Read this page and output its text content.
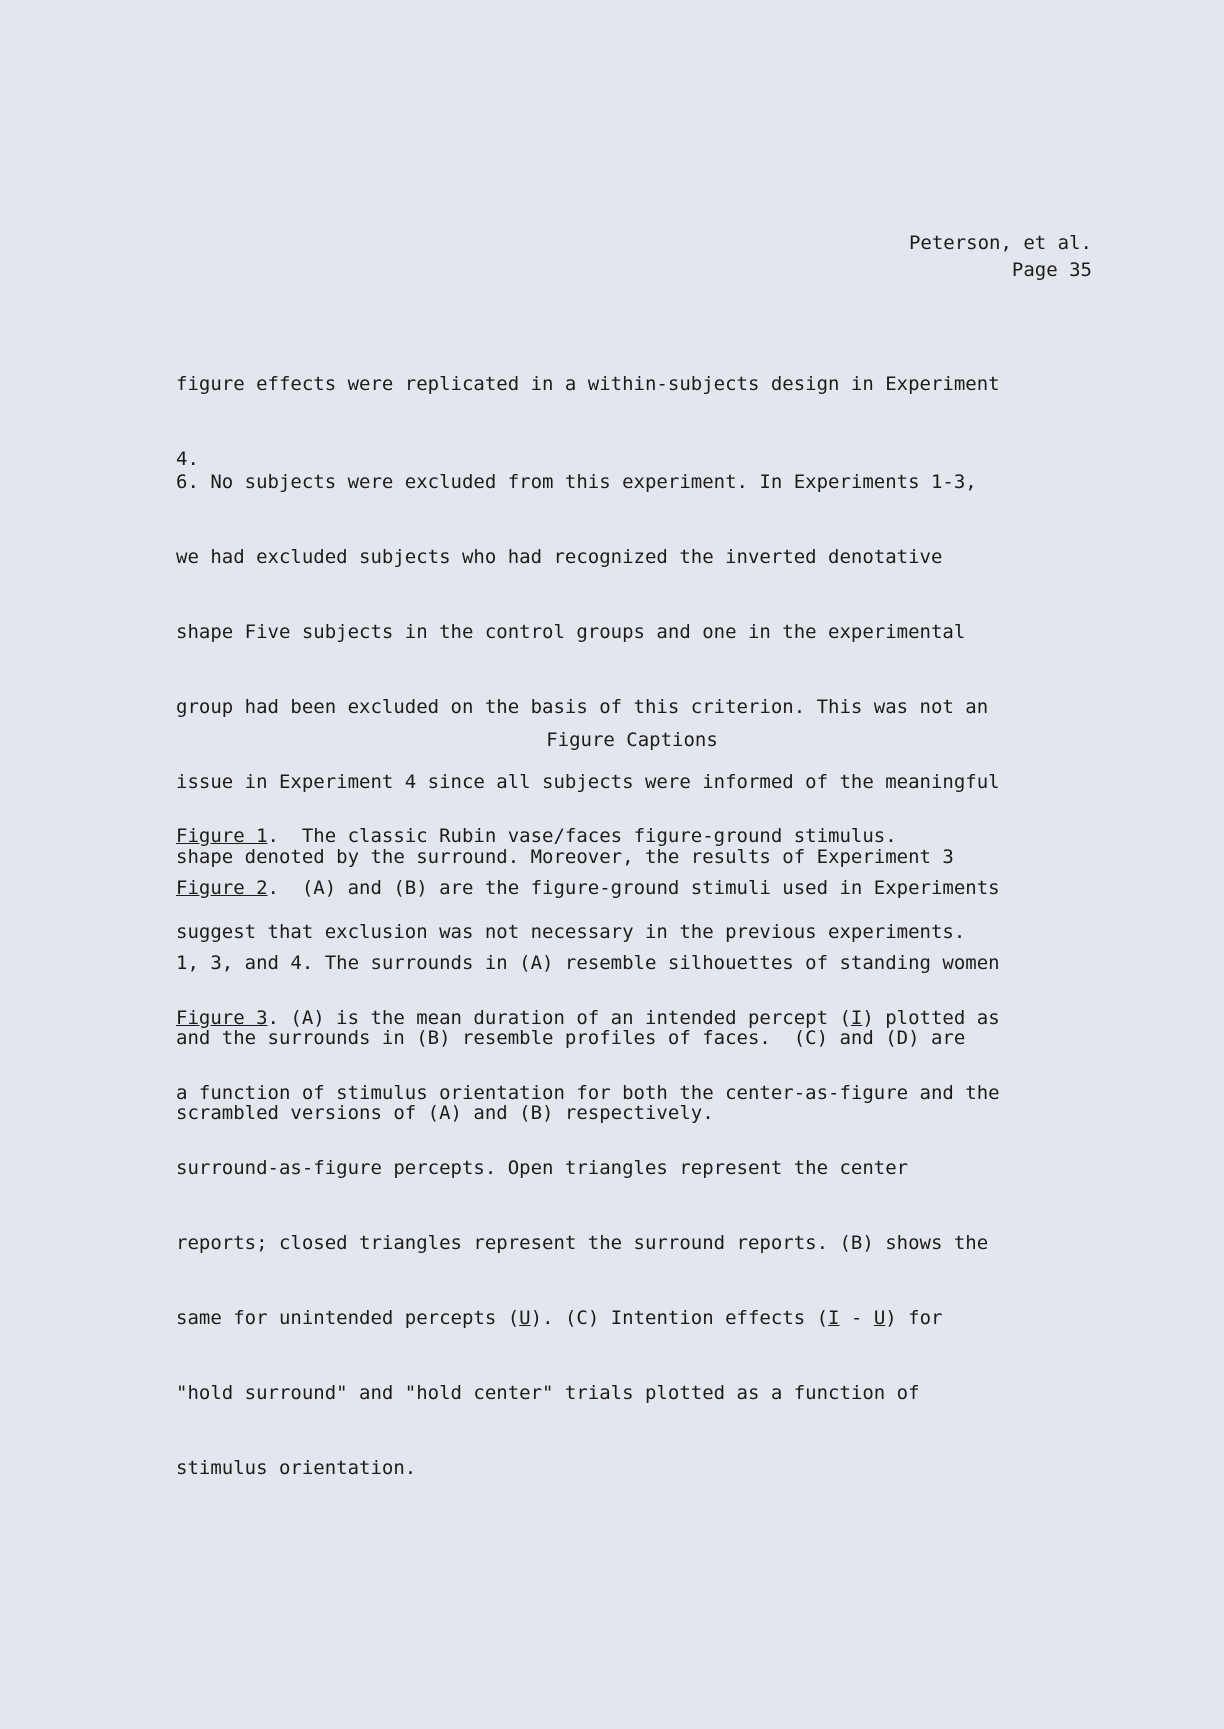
Peterson, et al.
Page 35

figure effects were replicated in a within-subjects design in Experiment

4.

6. No subjects were excluded from this experiment. In Experiments 1-3,

we had excluded subjects who had recognized the inverted denotative

shape Five subjects in the control groups and one in the experimental

group had been excluded on the basis of this criterion. This was not an

issue in Experiment 4 since all subjects were informed of the meaningful

shape denoted by the surround. Moreover, the results of Experiment 3

suggest that exclusion was not necessary in the previous experiments.

Figure Captions

Figure 1.  The classic Rubin vase/faces figure-ground stimulus.

Figure 2.  (A) and (B) are the figure-ground stimuli used in Experiments

1, 3, and 4. The surrounds in (A) resemble silhouettes of standing women

and the surrounds in (B) resemble profiles of faces.  (C) and (D) are

scrambled versions of (A) and (B) respectively.

Figure 3. (A) is the mean duration of an intended percept (I) plotted as

a function of stimulus orientation for both the center-as-figure and the

surround-as-figure percepts. Open triangles represent the center

reports; closed triangles represent the surround reports. (B) shows the

same for unintended percepts (U). (C) Intention effects (I - U) for

"hold surround" and "hold center" trials plotted as a function of

stimulus orientation.
